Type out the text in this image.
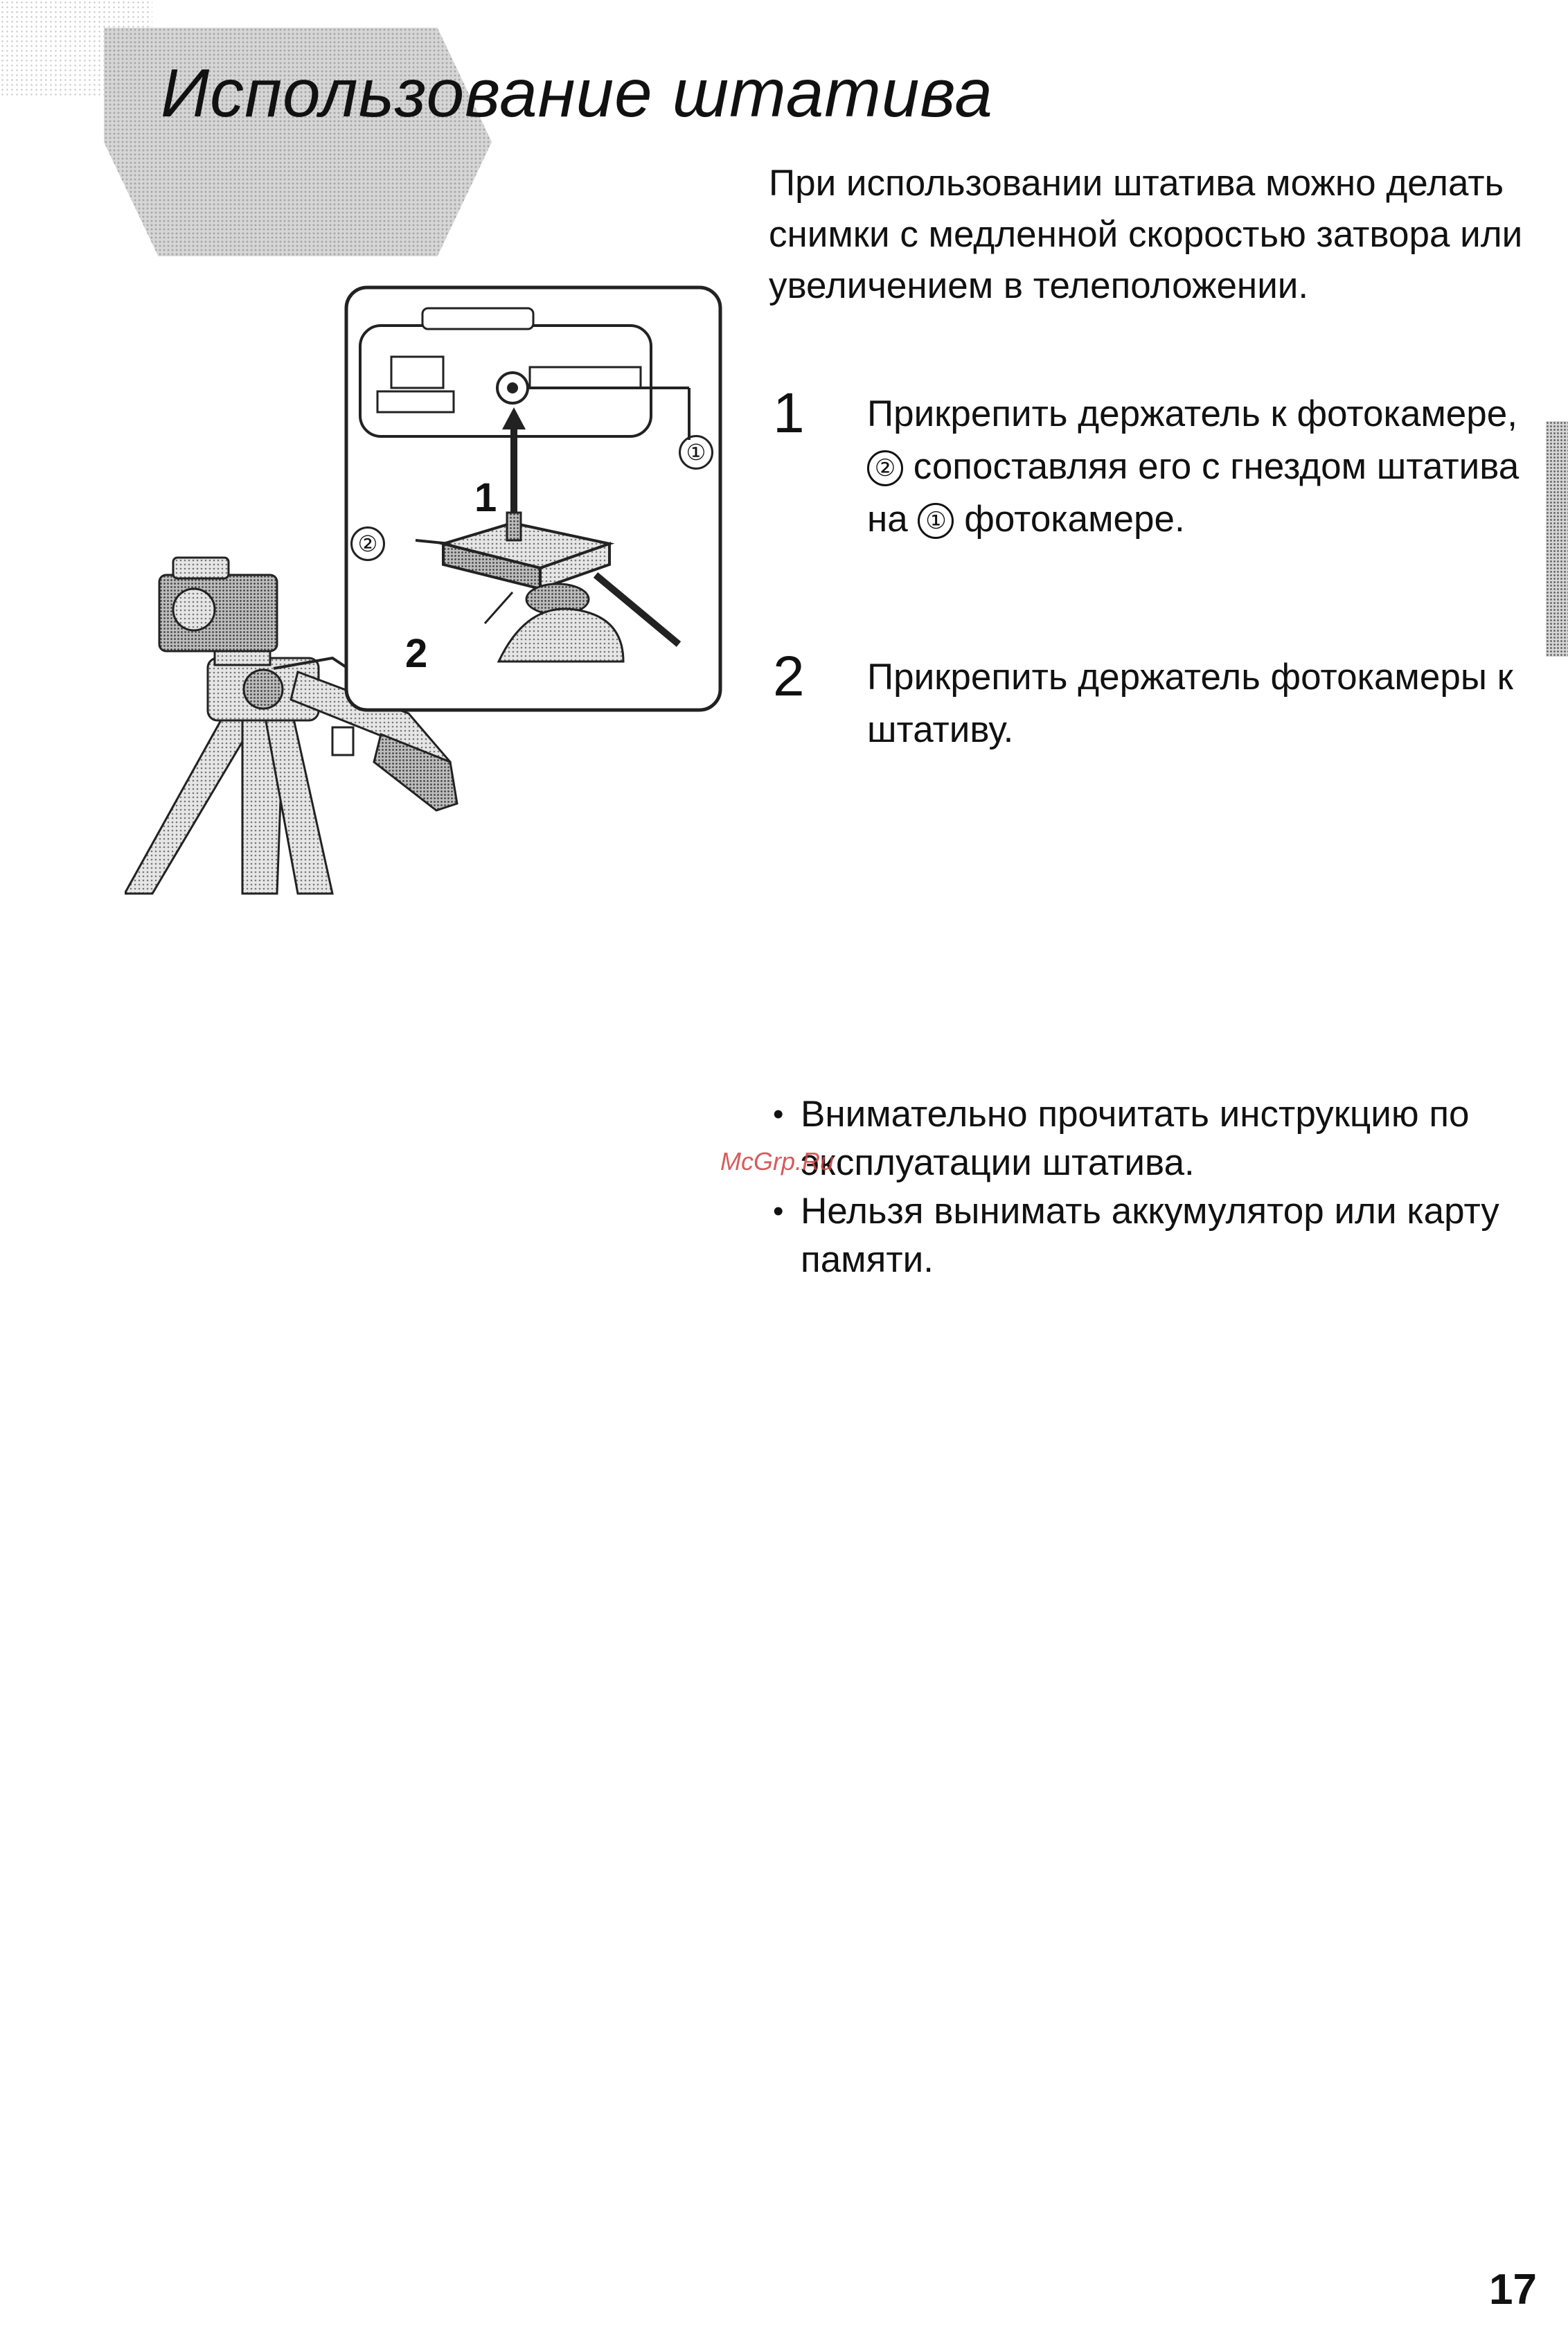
Использование штатива

При использовании штатива можно делать снимки с медленной скоростью затвора или увеличением в телеположении.

1 Прикрепить держатель к фотокамере, ② сопоставляя его с гнездом штатива на ① фотокамере.

2 Прикрепить держатель фотокамеры к штативу.

①
②
1
2
• Внимательно прочитать инструкцию по эксплуатации штатива.
• Нельзя вынимать аккумулятор или карту памяти.
McGrp.Ru
17
